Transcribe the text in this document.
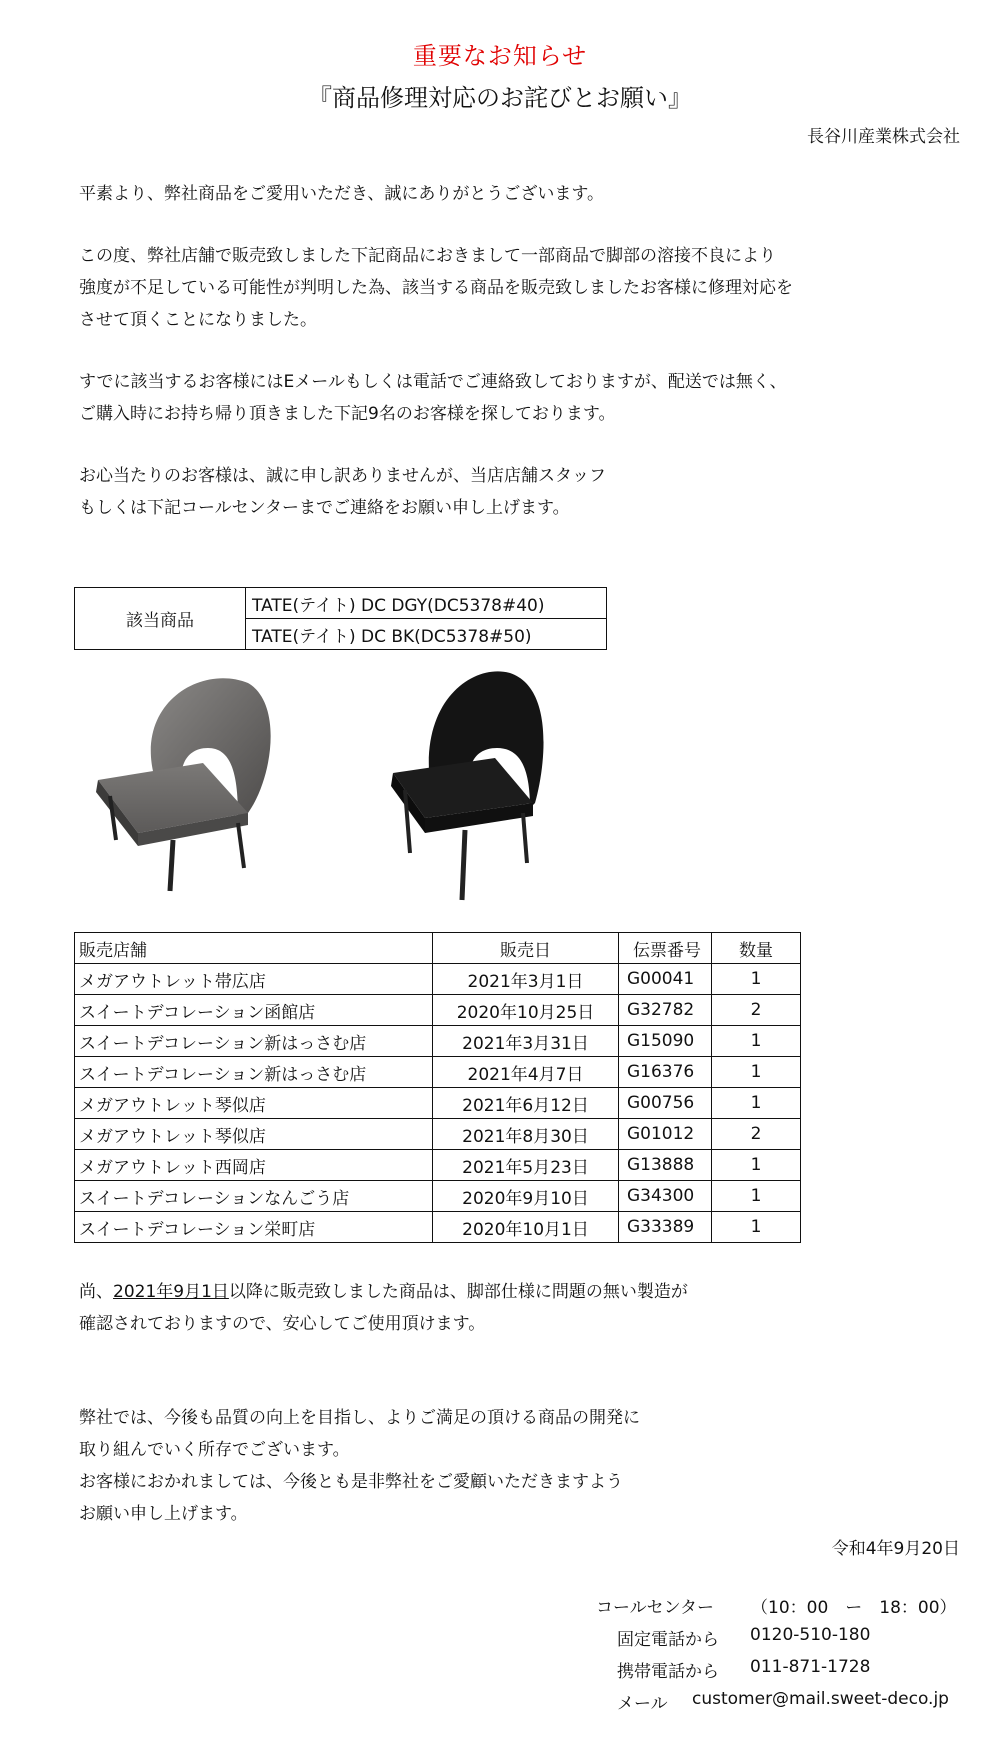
重要なお知らせ
『商品修理対応のお詫びとお願い』
長谷川産業株式会社
平素より、弊社商品をご愛用いただき、誠にありがとうございます。
この度、弊社店舗で販売致しました下記商品におきまして一部商品で脚部の溶接不良により
強度が不足している可能性が判明した為、該当する商品を販売致しましたお客様に修理対応を
させて頂くことになりました。
すでに該当するお客様にはEメールもしくは電話でご連絡致しておりますが、配送では無く、
ご購入時にお持ち帰り頂きました下記9名のお客様を探しております。
お心当たりのお客様は、誠に申し訳ありませんが、当店店舗スタッフ
もしくは下記コールセンターまでご連絡をお願い申し上げます。
該当商品	TATE(テイト) DC DGY(DC5378#40)
TATE(テイト) DC BK(DC5378#50)
販売店舗	販売日	伝票番号	数量
メガアウトレット帯広店	2021年3月1日	G00041	1
スイートデコレーション函館店	2020年10月25日	G32782	2
スイートデコレーション新はっさむ店	2021年3月31日	G15090	1
スイートデコレーション新はっさむ店	2021年4月7日	G16376	1
メガアウトレット琴似店	2021年6月12日	G00756	1
メガアウトレット琴似店	2021年8月30日	G01012	2
メガアウトレット西岡店	2021年5月23日	G13888	1
スイートデコレーションなんごう店	2020年9月10日	G34300	1
スイートデコレーション栄町店	2020年10月1日	G33389	1
尚、2021年9月1日以降に販売致しました商品は、脚部仕様に問題の無い製造が
確認されておりますので、安心してご使用頂けます。
弊社では、今後も品質の向上を目指し、よりご満足の頂ける商品の開発に
取り組んでいく所存でございます。
お客様におかれましては、今後とも是非弊社をご愛顧いただきますよう
お願い申し上げます。
令和4年9月20日
コールセンター （10：00　ー　18：00）
固定電話から 0120-510-180
携帯電話から 011-871-1728
メール customer@mail.sweet-deco.jp
